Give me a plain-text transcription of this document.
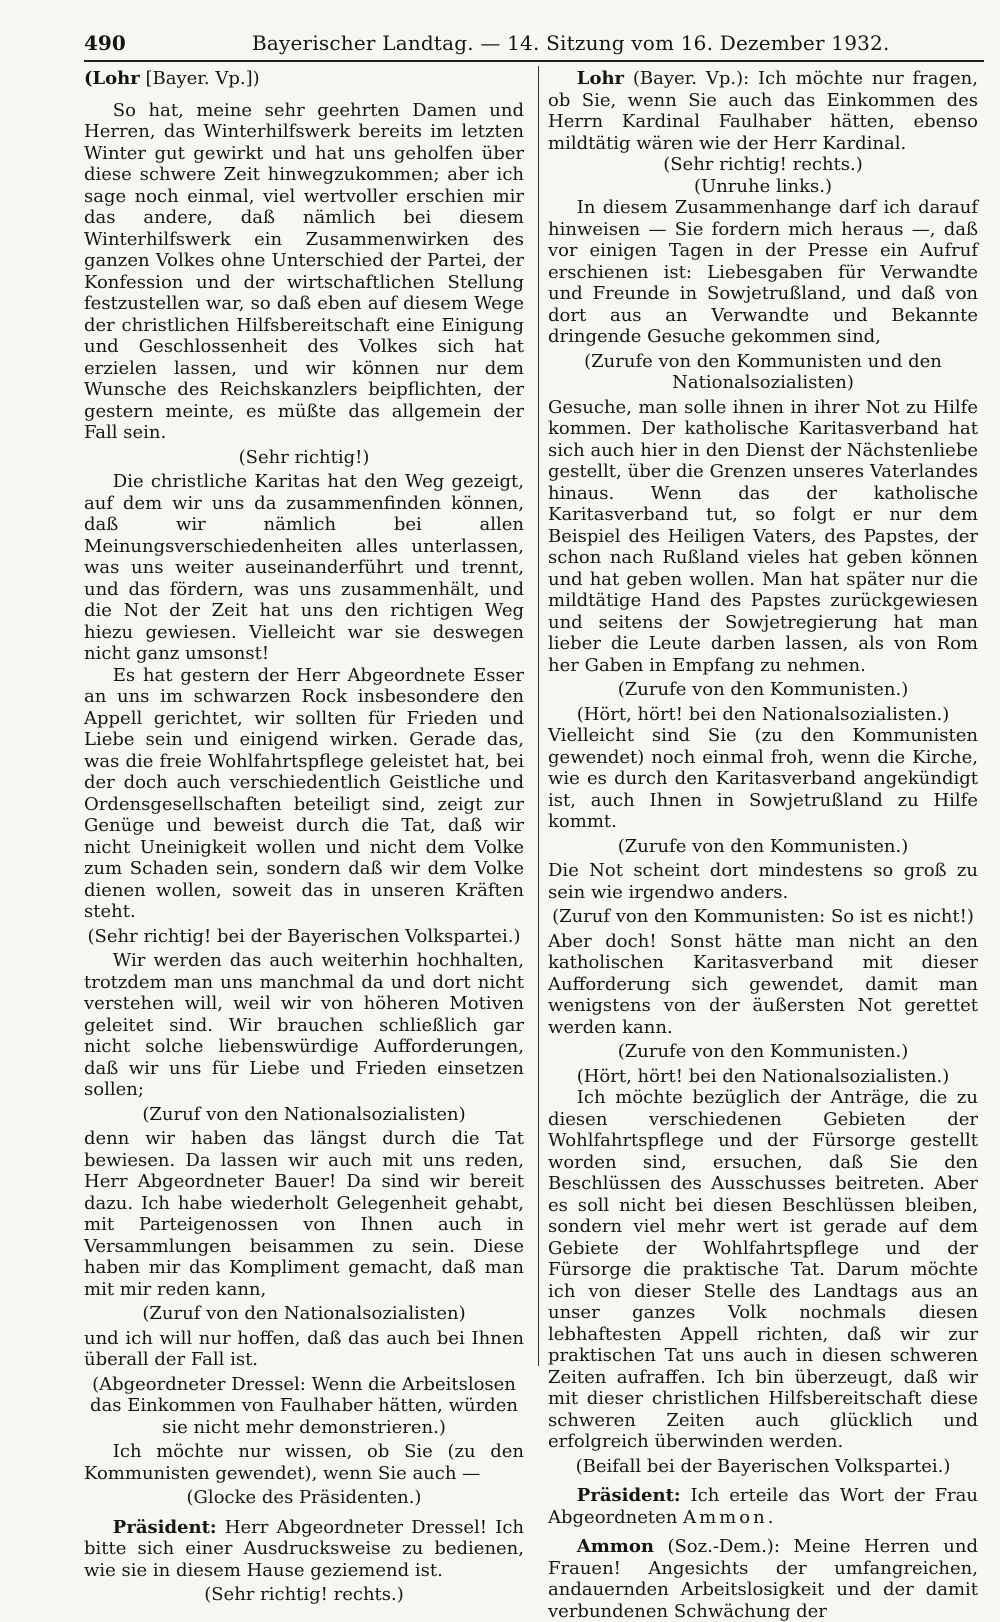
490	Bayerischer Landtag. — 14. Sitzung vom 16. Dezember 1932.

(Lohr [Bayer. Vp.])

So hat, meine sehr geehrten Damen und Herren, das Winterhilfswerk bereits im letzten Winter gut gewirkt und hat uns geholfen über diese schwere Zeit hinwegzukommen; aber ich sage noch einmal, viel wertvoller erschien mir das andere, daß nämlich bei diesem Winterhilfswerk ein Zusammenwirken des ganzen Volkes ohne Unterschied der Partei, der Konfession und der wirtschaftlichen Stellung festzustellen war, so daß eben auf diesem Wege der christlichen Hilfsbereitschaft eine Einigung und Geschlossenheit des Volkes sich hat erzielen lassen, und wir können nur dem Wunsche des Reichskanzlers beipflichten, der gestern meinte, es müßte das allgemein der Fall sein.

(Sehr richtig!)

Die christliche Karitas hat den Weg gezeigt, auf dem wir uns da zusammenfinden können, daß wir nämlich bei allen Meinungsverschiedenheiten alles unterlassen, was uns weiter auseinanderführt und trennt, und das fördern, was uns zusammenhält, und die Not der Zeit hat uns den richtigen Weg hiezu gewiesen. Vielleicht war sie deswegen nicht ganz umsonst!

Es hat gestern der Herr Abgeordnete Esser an uns im schwarzen Rock insbesondere den Appell gerichtet, wir sollten für Frieden und Liebe sein und einigend wirken. Gerade das, was die freie Wohlfahrtspflege geleistet hat, bei der doch auch verschiedentlich Geistliche und Ordensgesellschaften beteiligt sind, zeigt zur Genüge und beweist durch die Tat, daß wir nicht Uneinigkeit wollen und nicht dem Volke zum Schaden sein, sondern daß wir dem Volke dienen wollen, soweit das in unseren Kräften steht.

(Sehr richtig! bei der Bayerischen Volkspartei.)

Wir werden das auch weiterhin hochhalten, trotzdem man uns manchmal da und dort nicht verstehen will, weil wir von höheren Motiven geleitet sind. Wir brauchen schließlich gar nicht solche liebenswürdige Aufforderungen, daß wir uns für Liebe und Frieden einsetzen sollen;

(Zuruf von den Nationalsozialisten)

denn wir haben das längst durch die Tat bewiesen. Da lassen wir auch mit uns reden, Herr Abgeordneter Bauer! Da sind wir bereit dazu. Ich habe wiederholt Gelegenheit gehabt, mit Parteigenossen von Ihnen auch in Versammlungen beisammen zu sein. Diese haben mir das Kompliment gemacht, daß man mit mir reden kann,

(Zuruf von den Nationalsozialisten)

und ich will nur hoffen, daß das auch bei Ihnen überall der Fall ist.

(Abgeordneter Dressel: Wenn die Arbeitslosen das Einkommen von Faulhaber hätten, würden sie nicht mehr demonstrieren.)

Ich möchte nur wissen, ob Sie (zu den Kommunisten gewendet), wenn Sie auch —

(Glocke des Präsidenten.)

Präsident: Herr Abgeordneter Dressel! Ich bitte sich einer Ausdrucksweise zu bedienen, wie sie in diesem Hause geziemend ist.

(Sehr richtig! rechts.)

Lohr (Bayer. Vp.): Ich möchte nur fragen, ob Sie, wenn Sie auch das Einkommen des Herrn Kardinal Faulhaber hätten, ebenso mildtätig wären wie der Herr Kardinal.

(Sehr richtig! rechts.)

(Unruhe links.)

In diesem Zusammenhange darf ich darauf hinweisen — Sie fordern mich heraus —, daß vor einigen Tagen in der Presse ein Aufruf erschienen ist: Liebesgaben für Verwandte und Freunde in Sowjetrußland, und daß von dort aus an Verwandte und Bekannte dringende Gesuche gekommen sind,

(Zurufe von den Kommunisten und den Nationalsozialisten)

Gesuche, man solle ihnen in ihrer Not zu Hilfe kommen. Der katholische Karitasverband hat sich auch hier in den Dienst der Nächstenliebe gestellt, über die Grenzen unseres Vaterlandes hinaus. Wenn das der katholische Karitasverband tut, so folgt er nur dem Beispiel des Heiligen Vaters, des Papstes, der schon nach Rußland vieles hat geben können und hat geben wollen. Man hat später nur die mildtätige Hand des Papstes zurückgewiesen und seitens der Sowjetregierung hat man lieber die Leute darben lassen, als von Rom her Gaben in Empfang zu nehmen.

(Zurufe von den Kommunisten.)

(Hört, hört! bei den Nationalsozialisten.)

Vielleicht sind Sie (zu den Kommunisten gewendet) noch einmal froh, wenn die Kirche, wie es durch den Karitasverband angekündigt ist, auch Ihnen in Sowjetrußland zu Hilfe kommt.

(Zurufe von den Kommunisten.)

Die Not scheint dort mindestens so groß zu sein wie irgendwo anders.

(Zuruf von den Kommunisten: So ist es nicht!)

Aber doch! Sonst hätte man nicht an den katholischen Karitasverband mit dieser Aufforderung sich gewendet, damit man wenigstens von der äußersten Not gerettet werden kann.

(Zurufe von den Kommunisten.)

(Hört, hört! bei den Nationalsozialisten.)

Ich möchte bezüglich der Anträge, die zu diesen verschiedenen Gebieten der Wohlfahrtspflege und der Fürsorge gestellt worden sind, ersuchen, daß Sie den Beschlüssen des Ausschusses beitreten. Aber es soll nicht bei diesen Beschlüssen bleiben, sondern viel mehr wert ist gerade auf dem Gebiete der Wohlfahrtspflege und der Fürsorge die praktische Tat. Darum möchte ich von dieser Stelle des Landtags aus an unser ganzes Volk nochmals diesen lebhaftesten Appell richten, daß wir zur praktischen Tat uns auch in diesen schweren Zeiten aufraffen. Ich bin überzeugt, daß wir mit dieser christlichen Hilfsbereitschaft diese schweren Zeiten auch glücklich und erfolgreich überwinden werden.

(Beifall bei der Bayerischen Volkspartei.)

Präsident: Ich erteile das Wort der Frau Abgeordneten Ammon.

Ammon (Soz.-Dem.): Meine Herren und Frauen! Angesichts der umfangreichen, andauernden Arbeitslosigkeit und der damit verbundenen Schwächung der
